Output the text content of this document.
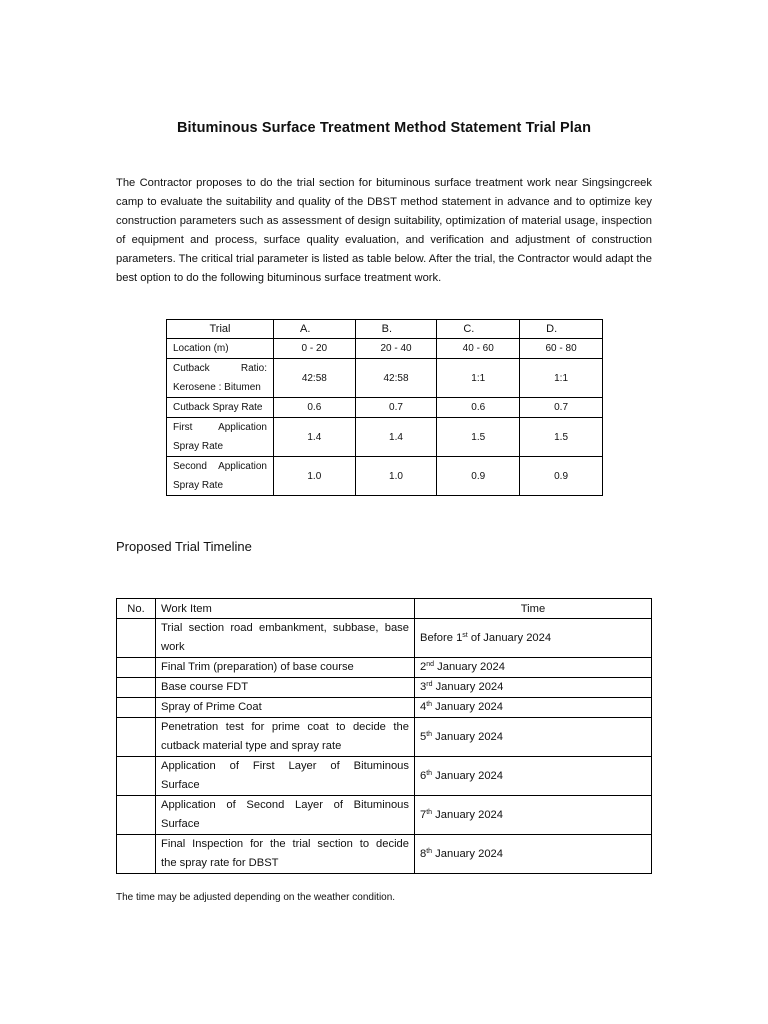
Bituminous Surface Treatment Method Statement Trial Plan

The Contractor proposes to do the trial section for bituminous surface treatment work near Singsingcreek camp to evaluate the suitability and quality of the DBST method statement in advance and to optimize key construction parameters such as assessment of design suitability, optimization of material usage, inspection of equipment and process, surface quality evaluation, and verification and adjustment of construction parameters. The critical trial parameter is listed as table below. After the trial, the Contractor would adapt the best option to do the following bituminous surface treatment work.

Trial	A.	B.	C.	D.
Location (m)	0 - 20	20 - 40	40 - 60	60 - 80

Cutback Ratio:
Kerosene : Bitumen	42:58	42:58	1:1	1:1
Cutback Spray Rate	0.6	0.7	0.6	0.7

First Application
Spray Rate	1.4	1.4	1.5	1.5

Second Application
Spray Rate	1.0	1.0	0.9	0.9
Proposed Trial Timeline
No.	Work Item	Time

	Trial section road embankment, subbase, base
work	Before 1st of January 2024
	Final Trim (preparation) of base course	2nd January 2024
	Base course FDT	3rd January 2024
	Spray of Prime Coat	4th January 2024

	Penetration test for prime coat to decide the
cutback material type and spray rate	5th January 2024

	Application of First Layer of Bituminous
Surface	6th January 2024

	Application of Second Layer of Bituminous
Surface	7th January 2024

	Final Inspection for the trial section to decide
the spray rate for DBST	8th January 2024
The time may be adjusted depending on the weather condition.
